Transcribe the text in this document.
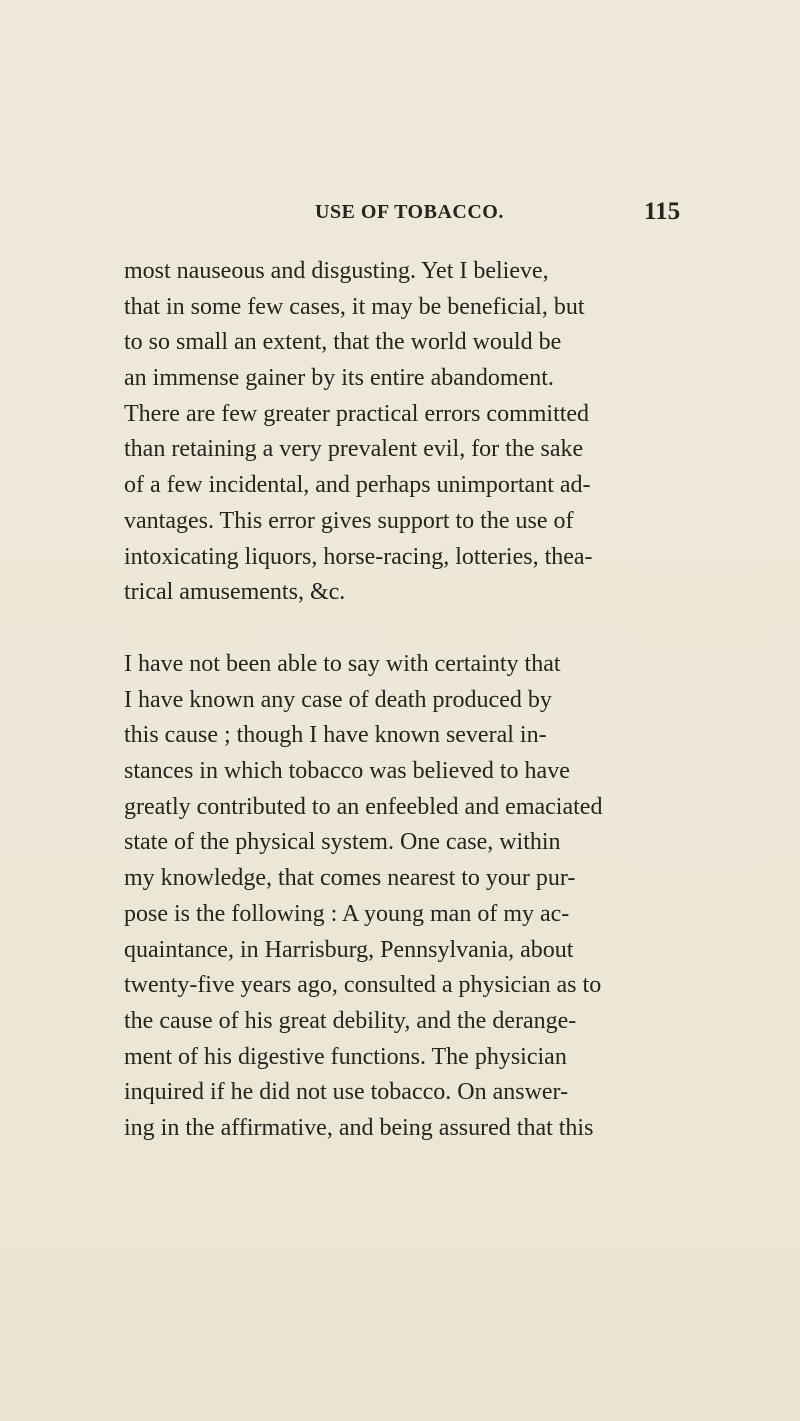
USE OF TOBACCO.	115
most nauseous and disgusting. Yet I believe,
that in some few cases, it may be beneficial, but
to so small an extent, that the world would be
an immense gainer by its entire abandoment.
There are few greater practical errors committed
than retaining a very prevalent evil, for the sake
of a few incidental, and perhaps unimportant ad-
vantages. This error gives support to the use of
intoxicating liquors, horse-racing, lotteries, thea-
trical amusements, &c.
I have not been able to say with certainty that
I have known any case of death produced by
this cause ; though I have known several in-
stances in which tobacco was believed to have
greatly contributed to an enfeebled and emaciated
state of the physical system. One case, within
my knowledge, that comes nearest to your pur-
pose is the following : A young man of my ac-
quaintance, in Harrisburg, Pennsylvania, about
twenty-five years ago, consulted a physician as to
the cause of his great debility, and the derange-
ment of his digestive functions. The physician
inquired if he did not use tobacco. On answer-
ing in the affirmative, and being assured that this
